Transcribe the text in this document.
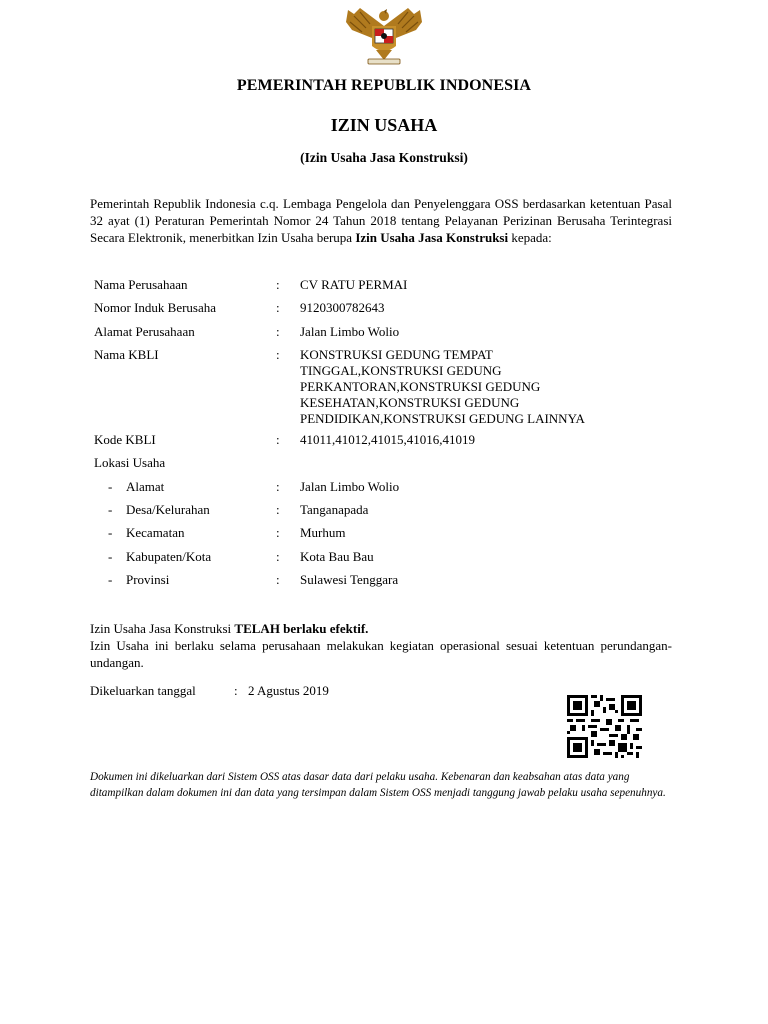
PEMERINTAH REPUBLIK INDONESIA
IZIN USAHA
(Izin Usaha Jasa Konstruksi)
Pemerintah Republik Indonesia c.q. Lembaga Pengelola dan Penyelenggara OSS berdasarkan ketentuan Pasal 32 ayat (1) Peraturan Pemerintah Nomor 24 Tahun 2018 tentang Pelayanan Perizinan Berusaha Terintegrasi Secara Elektronik, menerbitkan Izin Usaha berupa Izin Usaha Jasa Konstruksi kepada:
Nama Perusahaan	: CV RATU PERMAI
Nomor Induk Berusaha	: 9120300782643
Alamat Perusahaan	: Jalan Limbo Wolio
Nama KBLI	: KONSTRUKSI GEDUNG TEMPAT TINGGAL,KONSTRUKSI GEDUNG PERKANTORAN,KONSTRUKSI GEDUNG KESEHATAN,KONSTRUKSI GEDUNG PENDIDIKAN,KONSTRUKSI GEDUNG LAINNYA
Kode KBLI	: 41011,41012,41015,41016,41019
Lokasi Usaha
- Alamat	: Jalan Limbo Wolio
- Desa/Kelurahan	: Tanganapada
- Kecamatan	: Murhum
- Kabupaten/Kota	: Kota Bau Bau
- Provinsi	: Sulawesi Tenggara
Izin Usaha Jasa Konstruksi TELAH berlaku efektif.
Izin Usaha ini berlaku selama perusahaan melakukan kegiatan operasional sesuai ketentuan perundangan-undangan.
Dikeluarkan tanggal	: 2 Agustus 2019
Dokumen ini dikeluarkan dari Sistem OSS atas dasar data dari pelaku usaha. Kebenaran dan keabsahan atas data yang ditampilkan dalam dokumen ini dan data yang tersimpan dalam Sistem OSS menjadi tanggung jawab pelaku usaha sepenuhnya.
